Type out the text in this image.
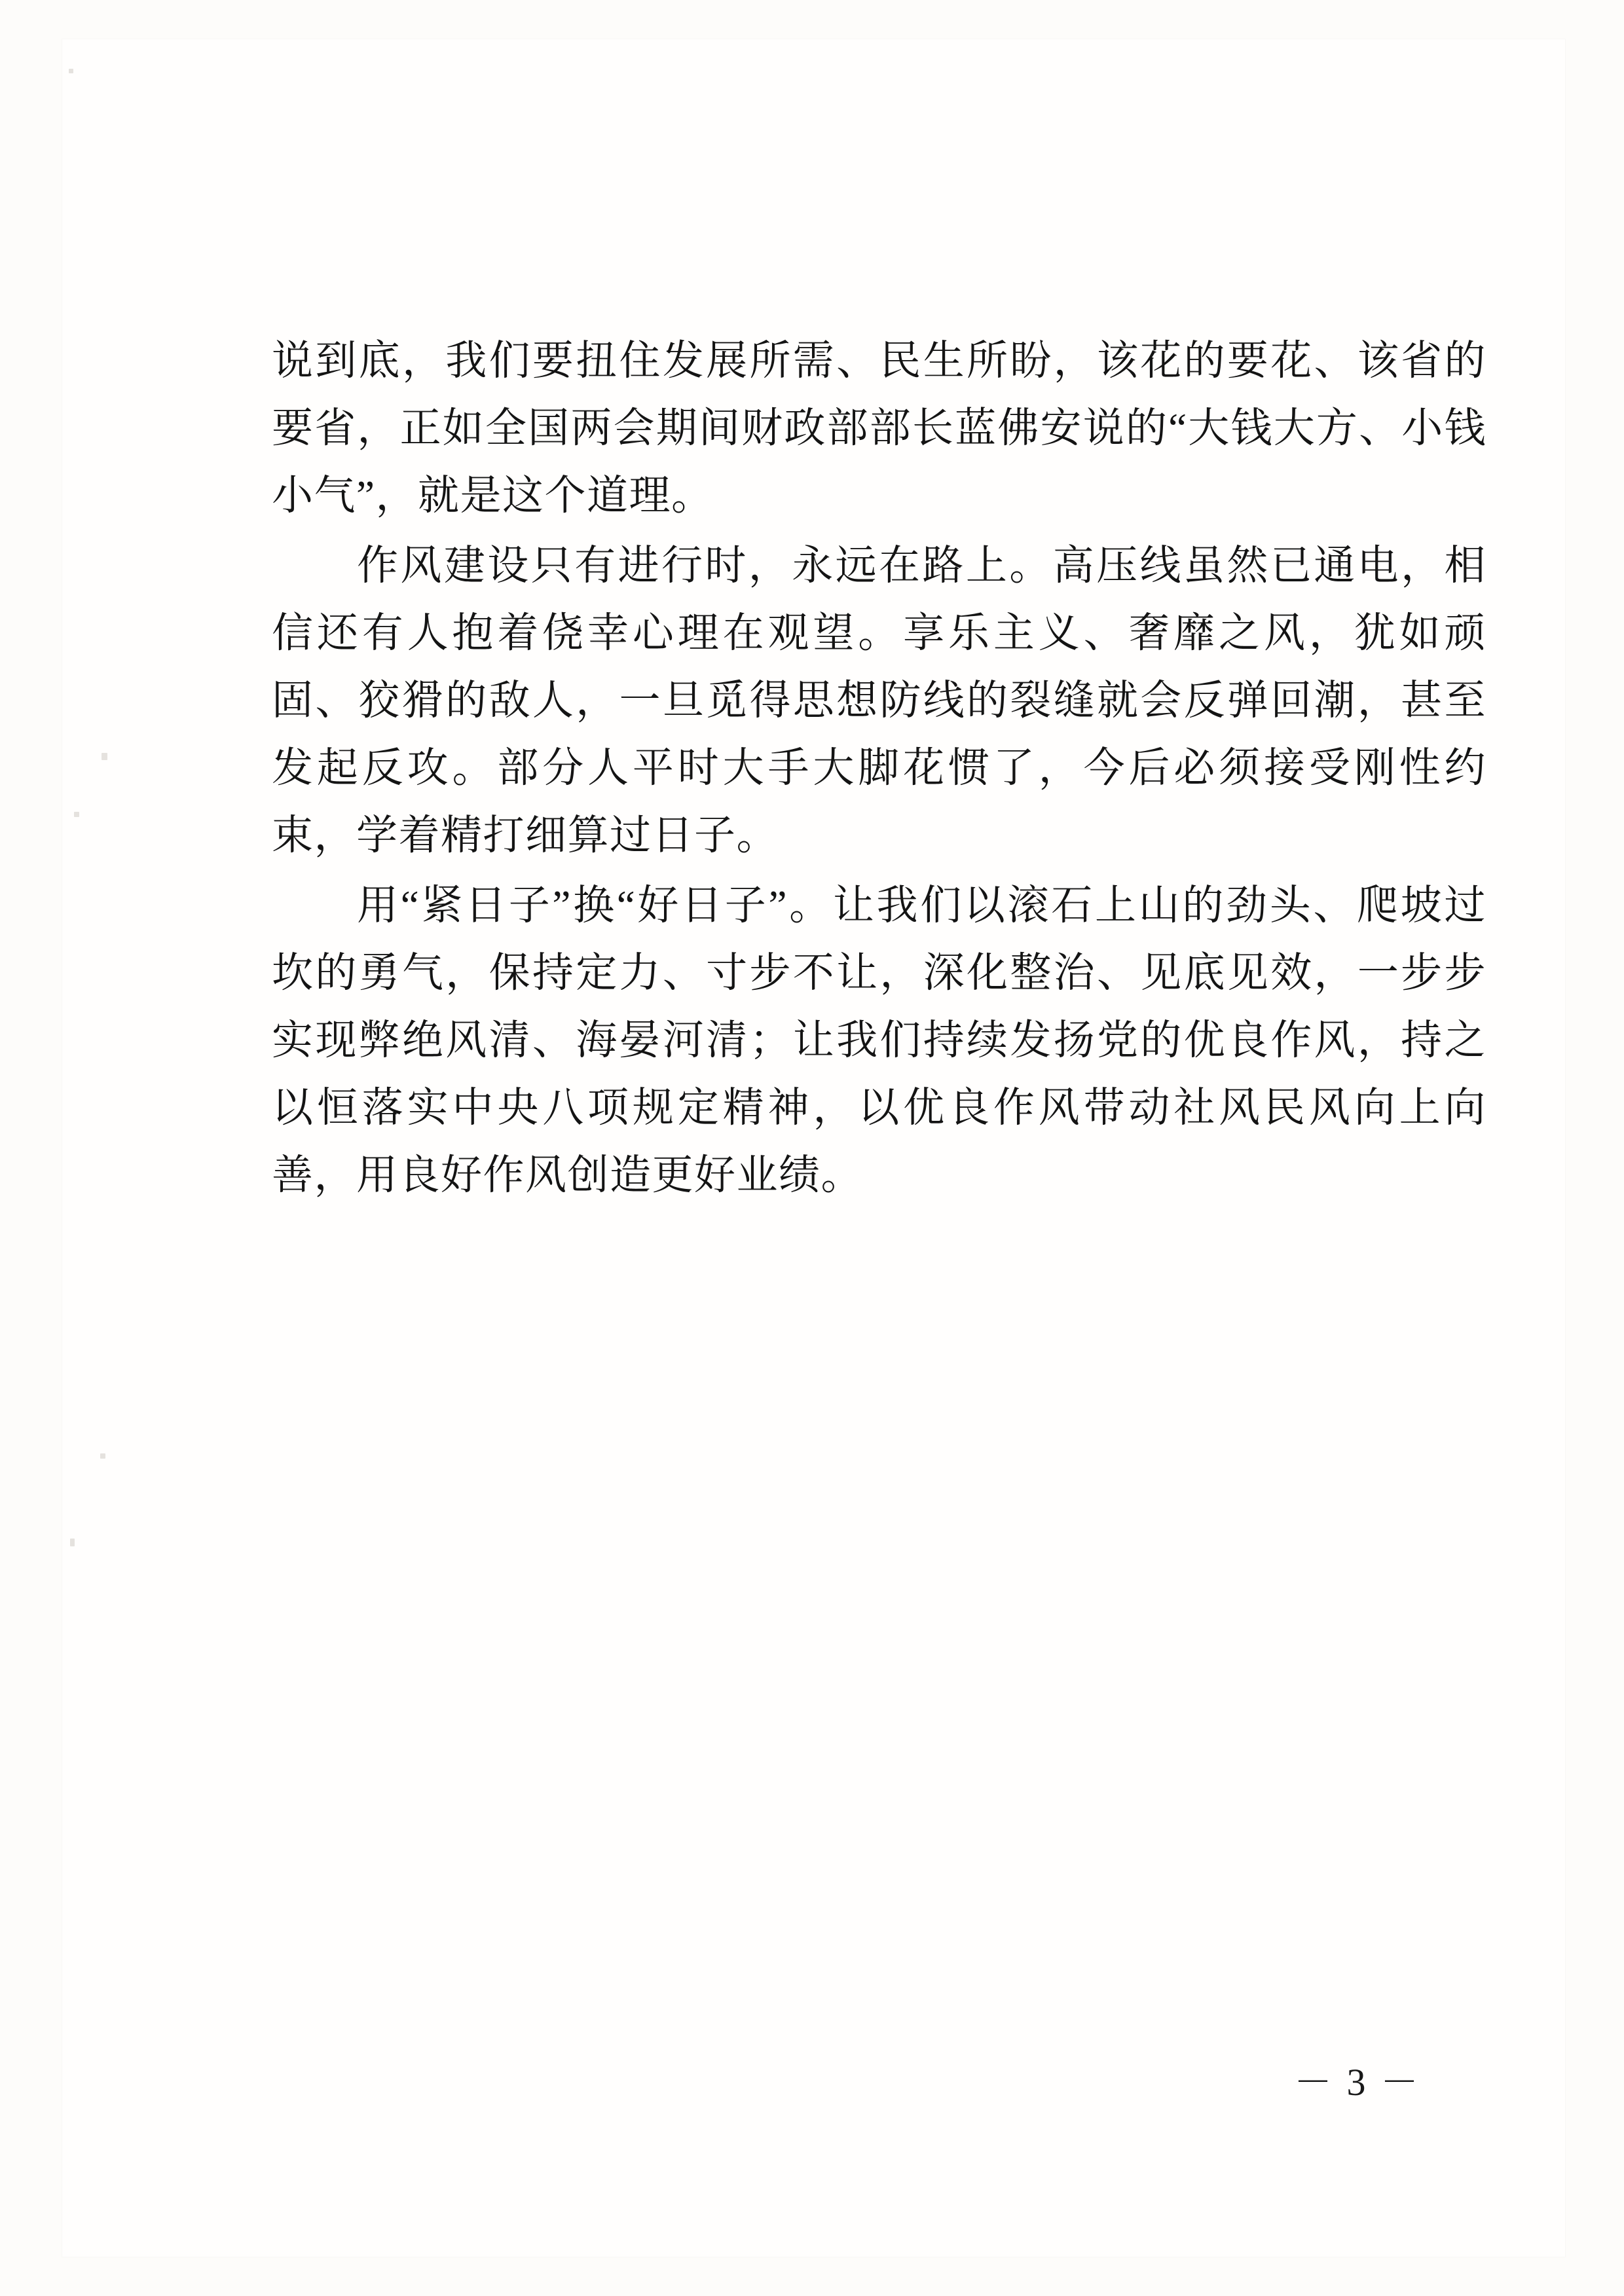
说到底，我们要扭住发展所需、民生所盼，该花的要花、该省的要省，正如全国两会期间财政部部长蓝佛安说的“大钱大方、小钱小气”，就是这个道理。

作风建设只有进行时，永远在路上。高压线虽然已通电，相信还有人抱着侥幸心理在观望。享乐主义、奢靡之风，犹如顽固、狡猾的敌人，一旦觅得思想防线的裂缝就会反弹回潮，甚至发起反攻。部分人平时大手大脚花惯了，今后必须接受刚性约束，学着精打细算过日子。

用“紧日子”换“好日子”。让我们以滚石上山的劲头、爬坡过坎的勇气，保持定力、寸步不让，深化整治、见底见效，一步步实现弊绝风清、海晏河清；让我们持续发扬党的优良作风，持之以恒落实中央八项规定精神，以优良作风带动社风民风向上向善，用良好作风创造更好业绩。

－ 3 －
